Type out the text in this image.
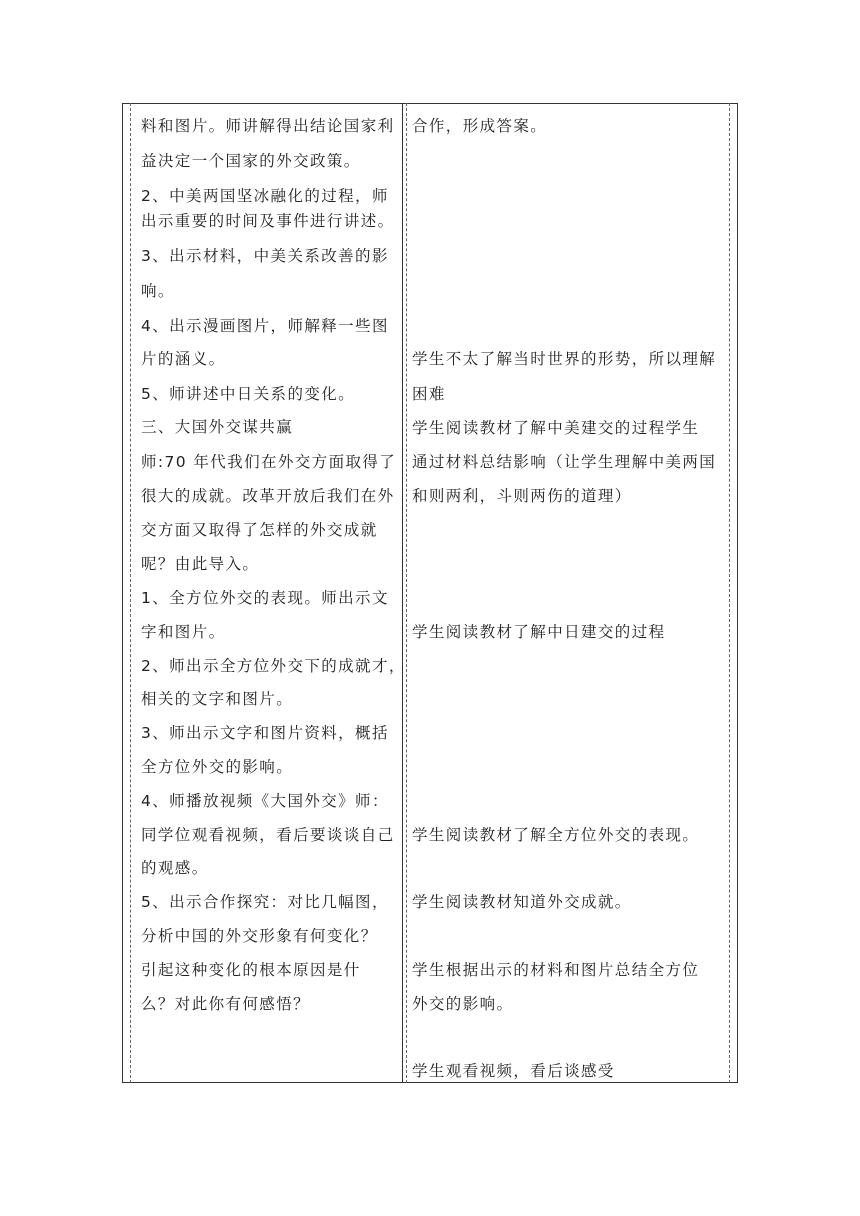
料和图片。师讲解得出结论国家利
益决定一个国家的外交政策。
2、中美两国坚冰融化的过程，师
出示重要的时间及事件进行讲述。
3、出示材料，中美关系改善的影
响。
4、出示漫画图片，师解释一些图
片的涵义。
5、师讲述中日关系的变化。
三、大国外交谋共赢
师:70 年代我们在外交方面取得了
很大的成就。改革开放后我们在外
交方面又取得了怎样的外交成就
呢？由此导入。
1、全方位外交的表现。师出示文
字和图片。
2、师出示全方位外交下的成就才，
相关的文字和图片。
3、师出示文字和图片资料，概括
全方位外交的影响。
4、师播放视频《大国外交》师：
同学位观看视频，看后要谈谈自己
的观感。
5、出示合作探究：对比几幅图，
分析中国的外交形象有何变化？
引起这种变化的根本原因是什
么？对此你有何感悟？
合作，形成答案。
学生不太了解当时世界的形势，所以理解
困难
学生阅读教材了解中美建交的过程学生
通过材料总结影响（让学生理解中美两国
和则两利，斗则两伤的道理）
学生阅读教材了解中日建交的过程
学生阅读教材了解全方位外交的表现。
学生阅读教材知道外交成就。
学生根据出示的材料和图片总结全方位
外交的影响。
学生观看视频，看后谈感受
